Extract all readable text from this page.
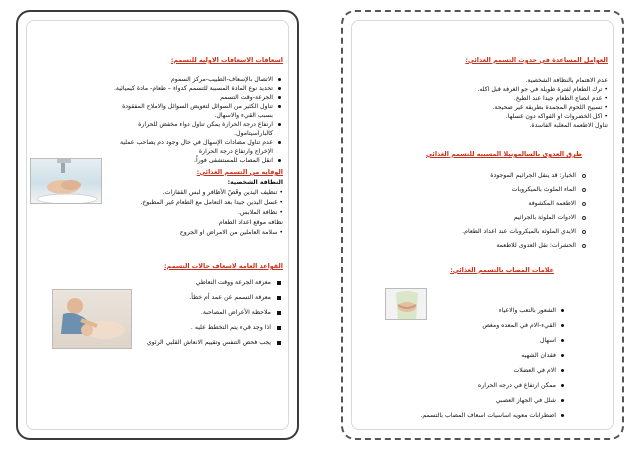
اسعافات الاسعافات الاوليه للتسمم:
الاتصال بالإسعاف-الطبيب-مركز السموم
تحديد نوع المادة المسببة للتسمم كدواء – طعام- مادة كيميائية.
الجرعة-وقت التسمم
تناول الكثير من السوائل لتعويض السوائل والاملاح المفقودة
بسبب القيء والاسهال.
ارتفاع درجة الحرارة يمكن تناول دواء مخفض للحرارة
كالباراسيتامول.
عدم تناول مضادات الإسهال في حال وجود دم يصاحب عملية
الإخراج وارتفاع درجة الحرارة
انقل المصاب للمستشفى فوراً.
الوقايه من التسمم الغذائي:
النظافة الشخصية:
• تنظيف اليدين وقَصّ الأظافر و لبس القفازات.
• غسل اليدين جيدا بعد التعامل مع الطعام غير المطبوخ.
• نظافة الملابس.
نظافه موقع اعداد الطعام
• سلامة العاملين من الامراض او الجروح
القواعد العامه لاسعاف حالات التسمم:
معرفة الجرعة ووقت التعاطي
معرفة التسمم عن عمد أم خطأ.
ملاحظة الأعراض المصاحبة.
اذا وجد قيء يتم التخطط عليه .
يجب فحص التنفس وتقييم الانعاش القلبي الرئوي
العوامل المساعدة في حدوث التسمم الغذائي:
عدم الاهتمام بالنظافة الشخصية.
• ترك الطعام لفترة طويلة في جو الغرفة قبل اكله.
• عدم انضاج الطعام جيدا عند الطبخ.
• تسييح اللحوم المجمدة بطريقة غير صحيحة.
• اكل الخضروات او الفواكه دون غسلها.
تناول الاطعمة المعلبة الفاسدة.
طرق العدوى بالسالمونيلا المسببه للتسمم الغذائي
الخيار: قد ينقل الجراثيم الموجودة
الماء الملوث بالميكروبات
الاطعمة المكشوفة
الادوات الملوثة بالجراثيم
الايدي الملوثة بالميكروبات عند اعداد الطعام.
الحشرات: نقل العدوى للاطعمة
علامات المصاب بالتسمم الغذائي:
الشعور بالتعب والاعياء
القيء-الام في المعده ومغص
اسهال
فقدان الشهيه
الام في العضلات
ممكن ارتفاع في درجه الحراره
شلل في الجهاز العصبي
اضطرابات معويه اساسيات اسعاف المصاب بالتسمم.
